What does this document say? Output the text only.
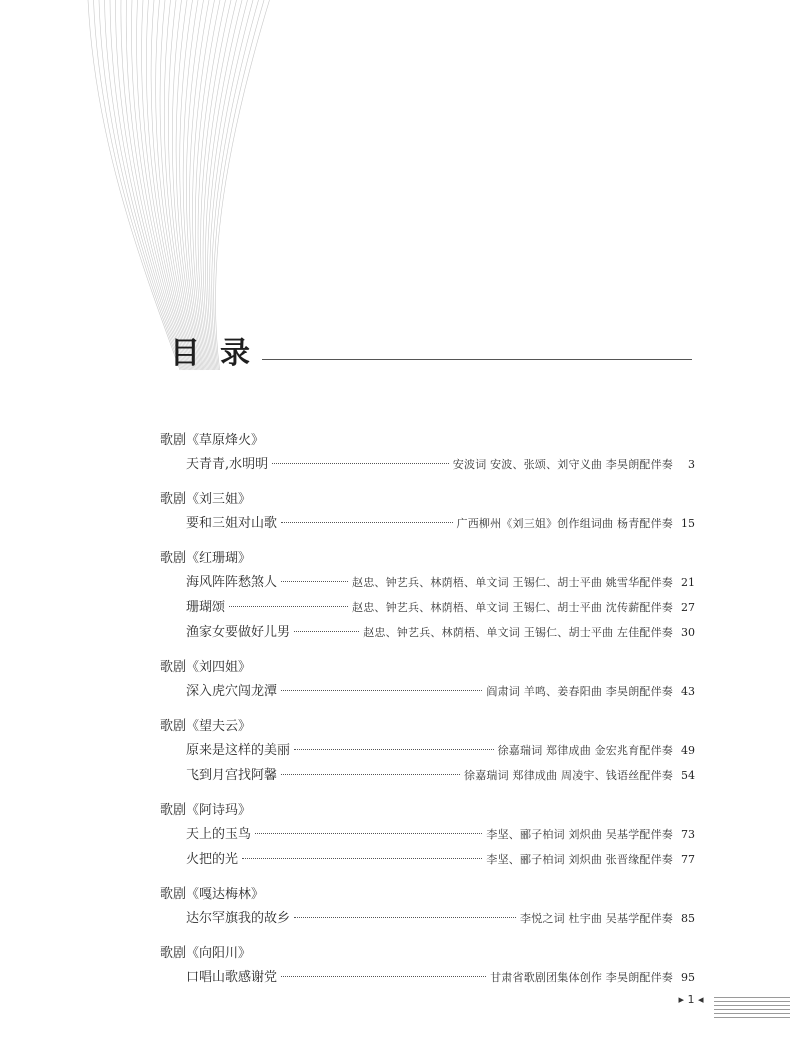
目录
歌剧《草原烽火》
天青青,水明明	安波词 安波、张颂、刘守义曲 李昊朗配伴奏	3
歌剧《刘三姐》
要和三姐对山歌	广西柳州《刘三姐》创作组词曲 杨青配伴奏 15
歌剧《红珊瑚》
海风阵阵愁煞人	赵忠、钟艺兵、林荫梧、单文词 王锡仁、胡士平曲 姚雪华配伴奏 21
珊瑚颂	赵忠、钟艺兵、林荫梧、单文词 王锡仁、胡士平曲 沈传薪配伴奏 27
渔家女要做好儿男	赵忠、钟艺兵、林荫梧、单文词 王锡仁、胡士平曲 左佳配伴奏 30
歌剧《刘四姐》
深入虎穴闯龙潭	阎肃词 羊鸣、姜春阳曲 李昊朗配伴奏 43
歌剧《望夫云》
原来是这样的美丽	徐嘉瑞词 郑律成曲 金宏兆育配伴奏 49
飞到月宫找阿馨	徐嘉瑞词 郑律成曲 周凌宇、钱语丝配伴奏 54
歌剧《阿诗玛》
天上的玉鸟	李坚、郦子柏词 刘炽曲 吴基学配伴奏 73
火把的光	李坚、郦子柏词 刘炽曲 张晋缘配伴奏 77
歌剧《嘎达梅林》
达尔罕旗我的故乡	李悦之词 杜宇曲 吴基学配伴奏 85
歌剧《向阳川》
口唱山歌感谢党	甘肃省歌剧团集体创作 李昊朗配伴奏 95
▸ 1 ◂
